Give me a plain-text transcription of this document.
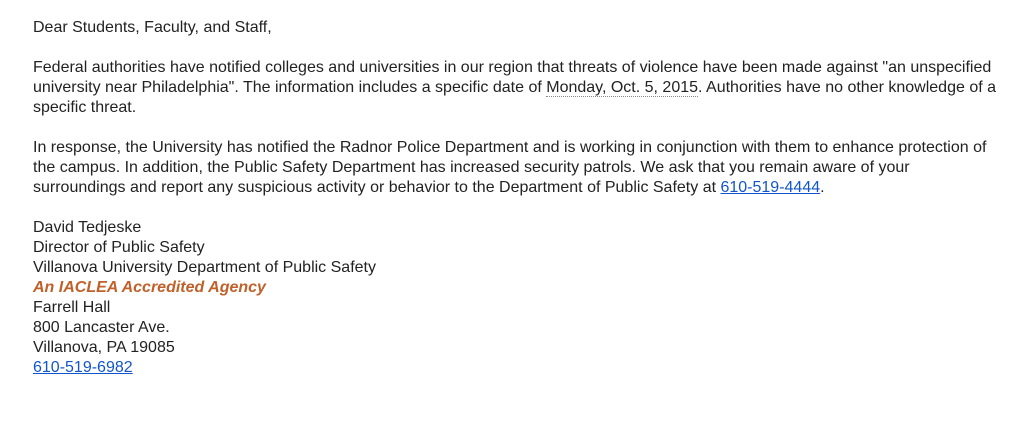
Dear Students, Faculty, and Staff,

Federal authorities have notified colleges and universities in our region that threats of violence have been made against "an unspecified university near Philadelphia". The information includes a specific date of Monday, Oct. 5, 2015. Authorities have no other knowledge of a specific threat.

In response, the University has notified the Radnor Police Department and is working in conjunction with them to enhance protection of the campus. In addition, the Public Safety Department has increased security patrols. We ask that you remain aware of your surroundings and report any suspicious activity or behavior to the Department of Public Safety at 610-519-4444.

David Tedjeske

Director of Public Safety

Villanova University Department of Public Safety

An IACLEA Accredited Agency

Farrell Hall

800 Lancaster Ave.

Villanova, PA 19085

610-519-6982
